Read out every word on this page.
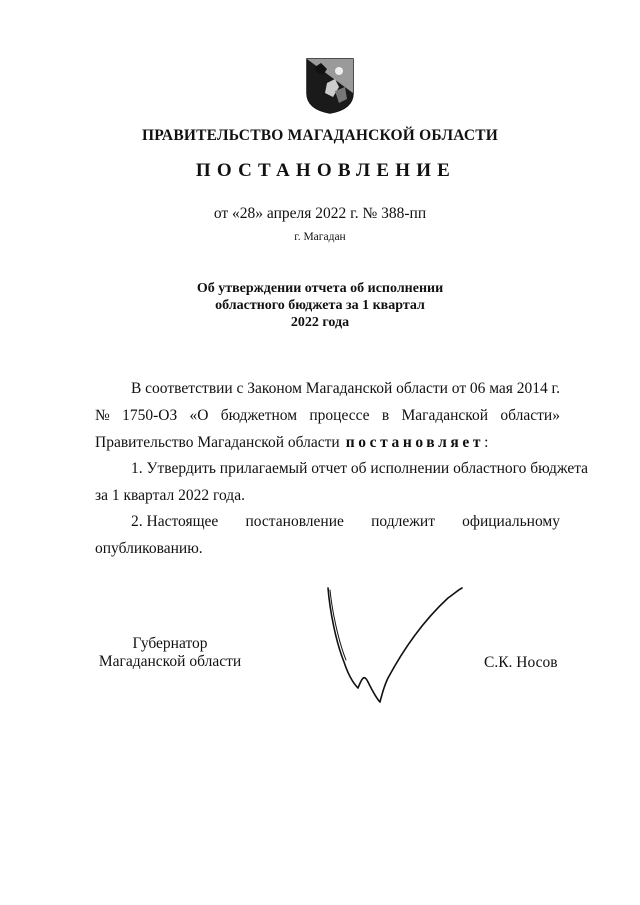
ПРАВИТЕЛЬСТВО МАГАДАНСКОЙ ОБЛАСТИ
ПОСТАНОВЛЕНИЕ
от «28» апреля 2022 г. № 388-пп
г. Магадан
Об утверждении отчета об исполнении
областного бюджета за 1 квартал
2022 года
В соответствии с Законом Магаданской области от 06 мая 2014 г.
№ 1750-ОЗ «О бюджетном процессе в Магаданской области»
Правительство Магаданской области постановляет:
1. Утвердить прилагаемый отчет об исполнении областного бюджета
за 1 квартал 2022 года.
2. Настоящее постановление подлежит официальному
опубликованию.
Губернатор
Магаданской области	С.К. Носов
